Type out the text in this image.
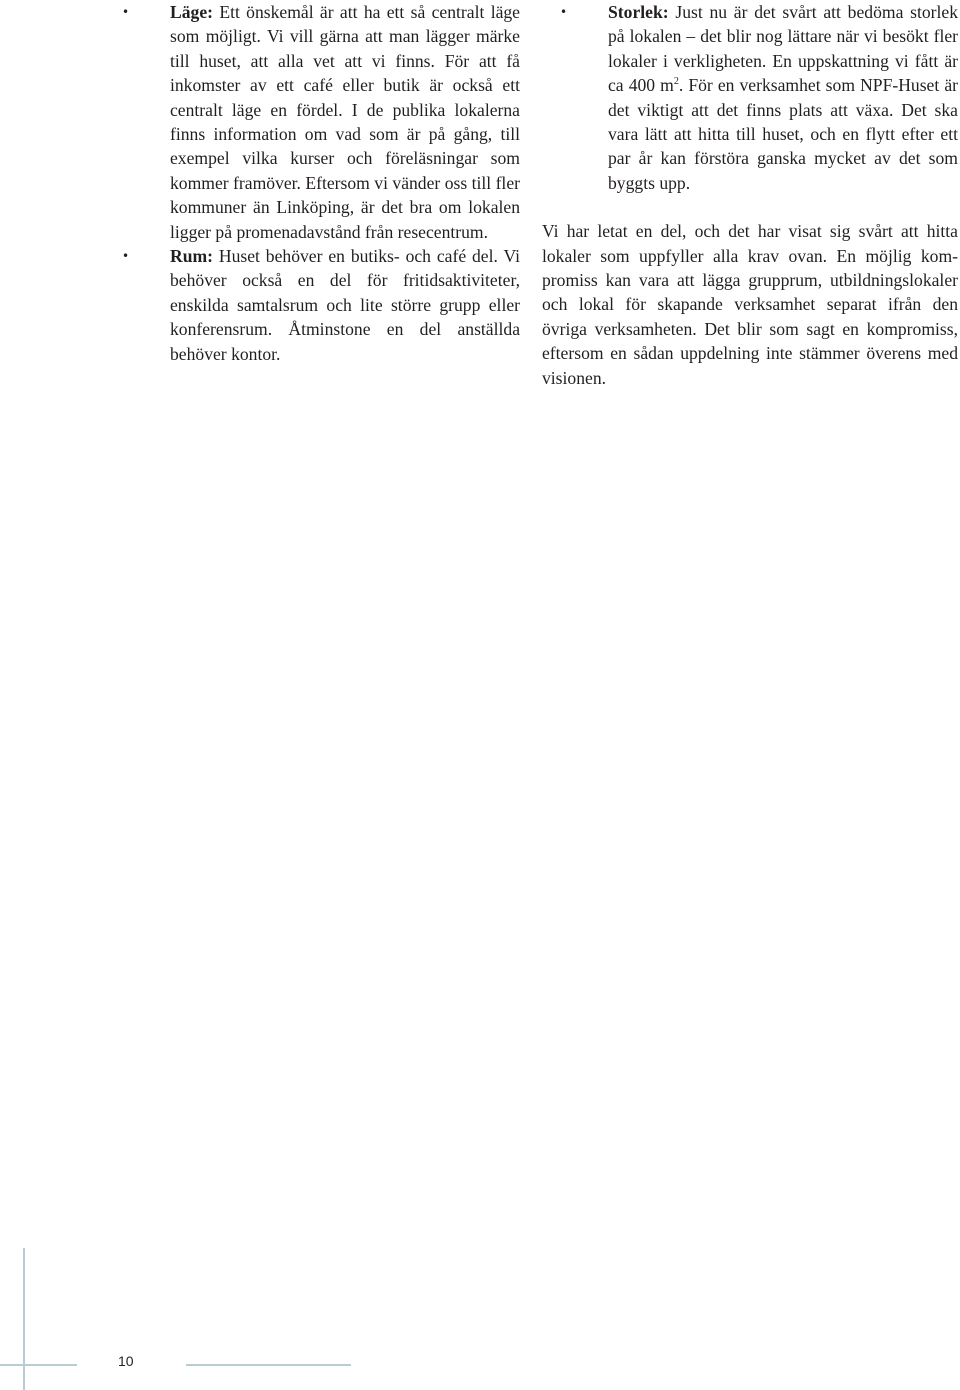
• Läge: Ett önskemål är att ha ett så centralt läge som möjligt. Vi vill gärna att man lägger märke till huset, att alla vet att vi finns. För att få inkomster av ett café eller butik är också ett centralt läge en fördel. I de publika lokalerna finns information om vad som är på gång, till exempel vilka kurser och föreläsningar som kommer framöver. Eftersom vi vänder oss till fler kommuner än Linköping, är det bra om lokalen ligger på promenadavstånd från resecentrum.
• Rum: Huset behöver en butiks- och café del. Vi behöver också en del för fritidsaktiviteter, enskilda samtalsrum och lite större grupp eller konferensrum. Åtminstone en del anställda behöver kontor.
• Storlek: Just nu är det svårt att bedöma storlek på lokalen – det blir nog lättare när vi besökt fler lokaler i verkligheten. En uppskattning vi fått är ca 400 $m^2$. För en verksamhet som NPF-Huset är det viktigt att det finns plats att växa. Det ska vara lätt att hitta till huset, och en flytt efter ett par år kan förstöra ganska mycket av det som byggts upp.

Vi har letat en del, och det har visat sig svårt att hitta lokaler som uppfyller alla krav ovan. En möjlig kompromiss kan vara att lägga grupprum, utbildningslokaler och lokal för skapande verksamhet separat ifrån den övriga verksamheten. Det blir som sagt en kompromiss, eftersom en sådan uppdelning inte stämmer överens med visionen.

10
